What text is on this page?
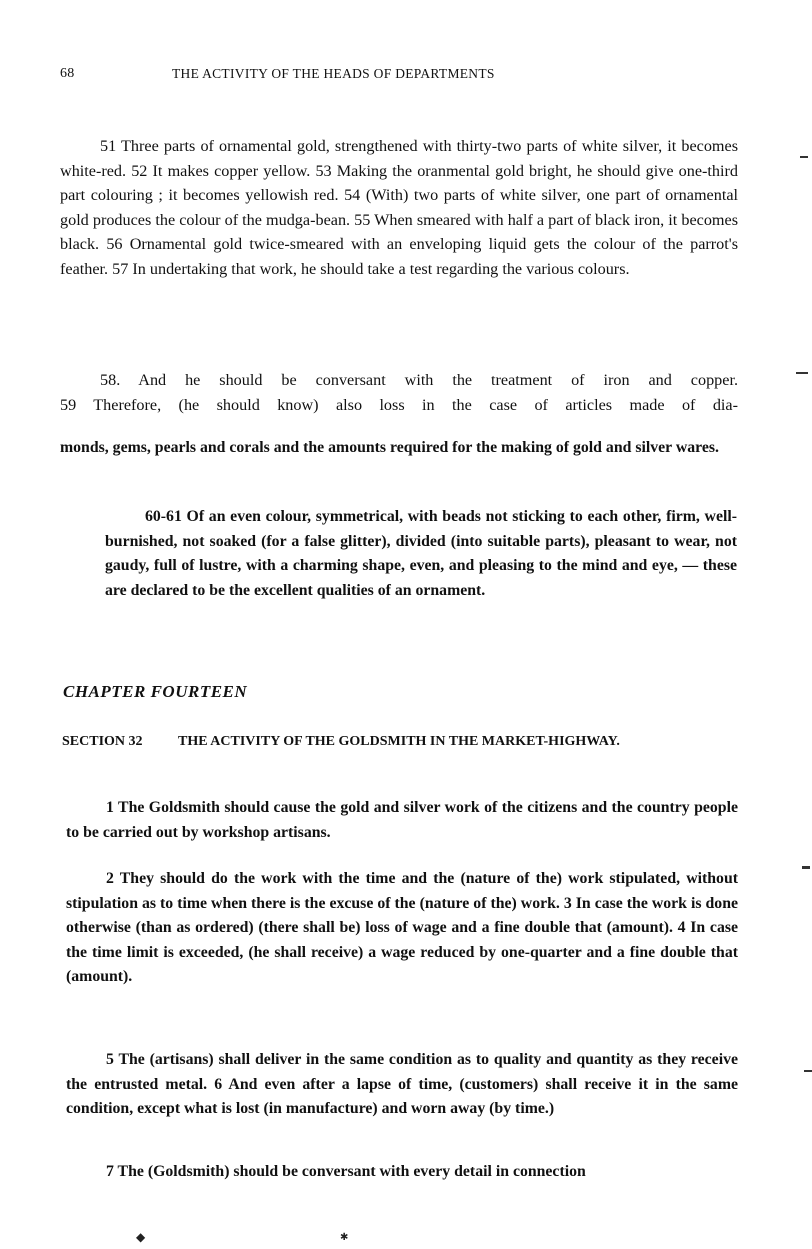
68	THE ACTIVITY OF THE HEADS OF DEPARTMENTS

51 Three parts of ornamental gold, strengthened with thirty-two parts of white silver, it becomes white-red. 52 It makes copper yellow. 53 Making the oranmental gold bright, he should give one-third part colouring ; it becomes yellowish red. 54 (With) two parts of white silver, one part of ornamental gold produces the colour of the mudga-bean. 55 When smeared with half a part of black iron, it becomes black. 56 Ornamental gold twice-smeared with an enveloping liquid gets the colour of the parrot's feather. 57 In undertaking that work, he should take a test regarding the various colours.

58. And he should be conversant with the treatment of iron and copper.
59 Therefore, (he should know) also loss in the case of articles made of dia-

monds, gems, pearls and corals and the amounts required for the making of gold and silver wares.

60-61 Of an even colour, symmetrical, with beads not sticking to each other, firm, well-burnished, not soaked (for a false glitter), divided (into suitable parts), pleasant to wear, not gaudy, full of lustre, with a charming shape, even, and pleasing to the mind and eye, — these are declared to be the excellent qualities of an ornament.

CHAPTER FOURTEEN
SECTION 32	THE ACTIVITY OF THE GOLDSMITH IN THE MARKET-HIGHWAY.

1 The Goldsmith should cause the gold and silver work of the citizens and the country people to be carried out by workshop artisans.

2 They should do the work with the time and the (nature of the) work stipulated, without stipulation as to time when there is the excuse of the (nature of the) work. 3 In case the work is done otherwise (than as ordered) (there shall be) loss of wage and a fine double that (amount). 4 In case the time limit is exceeded, (he shall receive) a wage reduced by one-quarter and a fine double that (amount).

5 The (artisans) shall deliver in the same condition as to quality and quantity as they receive the entrusted metal. 6 And even after a lapse of time, (customers) shall receive it in the same condition, except what is lost (in manufacture) and worn away (by time.)

7 The (Goldsmith) should be conversant with every detail in connection

◆	✱
